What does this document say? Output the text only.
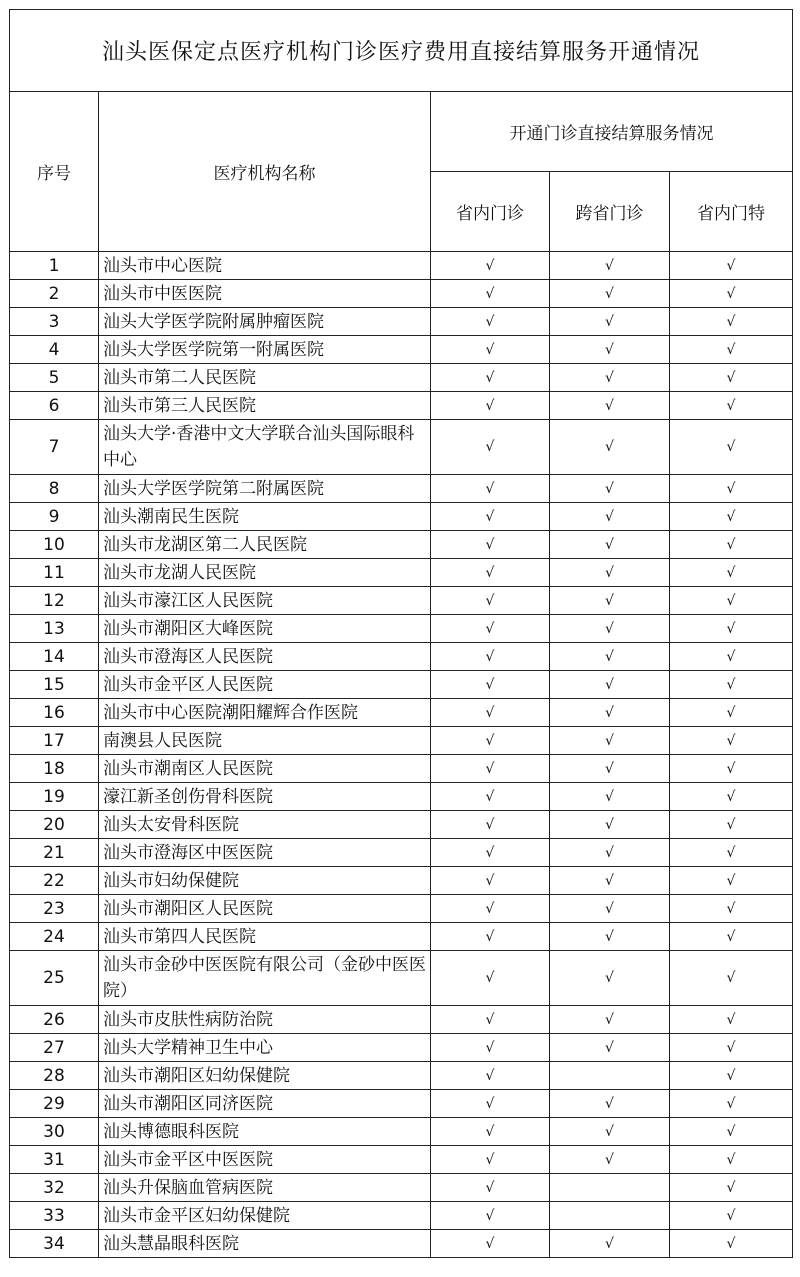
汕头医保定点医疗机构门诊医疗费用直接结算服务开通情况				
序号	医疗机构名称	开通门诊直接结算服务情况		
		省内门诊	跨省门诊	省内门特
1	汕头市中心医院	√	√	√
2	汕头市中医医院	√	√	√
3	汕头大学医学院附属肿瘤医院	√	√	√
4	汕头大学医学院第一附属医院	√	√	√
5	汕头市第二人民医院	√	√	√
6	汕头市第三人民医院	√	√	√
7	汕头大学·香港中文大学联合汕头国际眼科中心	√	√	√
8	汕头大学医学院第二附属医院	√	√	√
9	汕头潮南民生医院	√	√	√
10	汕头市龙湖区第二人民医院	√	√	√
11	汕头市龙湖人民医院	√	√	√
12	汕头市濠江区人民医院	√	√	√
13	汕头市潮阳区大峰医院	√	√	√
14	汕头市澄海区人民医院	√	√	√
15	汕头市金平区人民医院	√	√	√
16	汕头市中心医院潮阳耀辉合作医院	√	√	√
17	南澳县人民医院	√	√	√
18	汕头市潮南区人民医院	√	√	√
19	濠江新圣创伤骨科医院	√	√	√
20	汕头太安骨科医院	√	√	√
21	汕头市澄海区中医医院	√	√	√
22	汕头市妇幼保健院	√	√	√
23	汕头市潮阳区人民医院	√	√	√
24	汕头市第四人民医院	√	√	√
25	汕头市金砂中医医院有限公司（金砂中医医院）	√	√	√
26	汕头市皮肤性病防治院	√	√	√
27	汕头大学精神卫生中心	√	√	√
28	汕头市潮阳区妇幼保健院	√		√
29	汕头市潮阳区同济医院	√	√	√
30	汕头博德眼科医院	√	√	√
31	汕头市金平区中医医院	√	√	√
32	汕头升保脑血管病医院	√		√
33	汕头市金平区妇幼保健院	√		√
34	汕头慧晶眼科医院	√	√	√
